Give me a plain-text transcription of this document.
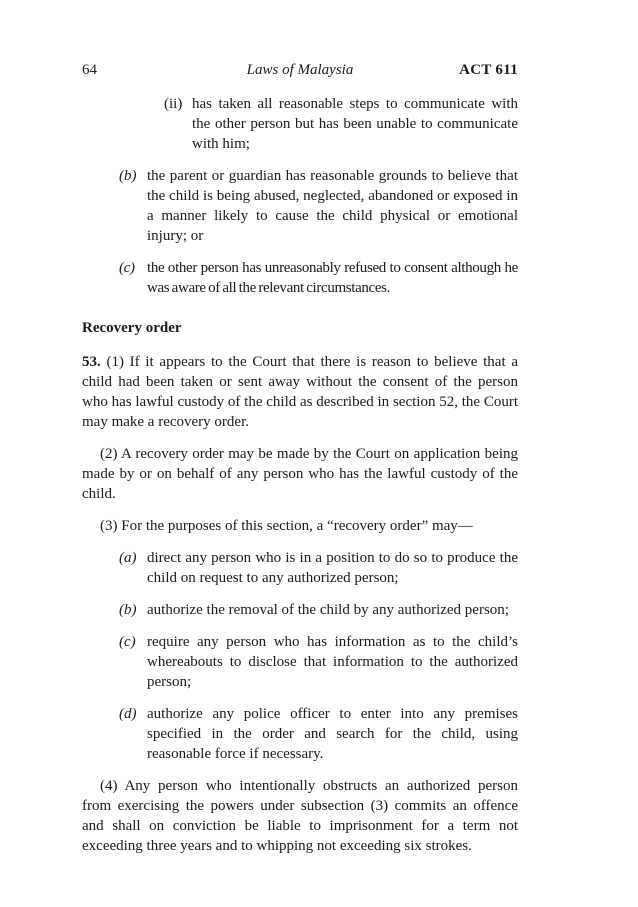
64	Laws of Malaysia	ACT 611
(ii) has taken all reasonable steps to communicate with the other person but has been unable to communicate with him;
(b) the parent or guardian has reasonable grounds to believe that the child is being abused, neglected, abandoned or exposed in a manner likely to cause the child physical or emotional injury; or
(c) the other person has unreasonably refused to consent although he was aware of all the relevant circumstances.
Recovery order
53. (1) If it appears to the Court that there is reason to believe that a child had been taken or sent away without the consent of the person who has lawful custody of the child as described in section 52, the Court may make a recovery order.
(2) A recovery order may be made by the Court on application being made by or on behalf of any person who has the lawful custody of the child.
(3) For the purposes of this section, a “recovery order” may—
(a) direct any person who is in a position to do so to produce the child on request to any authorized person;
(b) authorize the removal of the child by any authorized person;
(c) require any person who has information as to the child’s whereabouts to disclose that information to the authorized person;
(d) authorize any police officer to enter into any premises specified in the order and search for the child, using reasonable force if necessary.
(4) Any person who intentionally obstructs an authorized person from exercising the powers under subsection (3) commits an offence and shall on conviction be liable to imprisonment for a term not exceeding three years and to whipping not exceeding six strokes.
